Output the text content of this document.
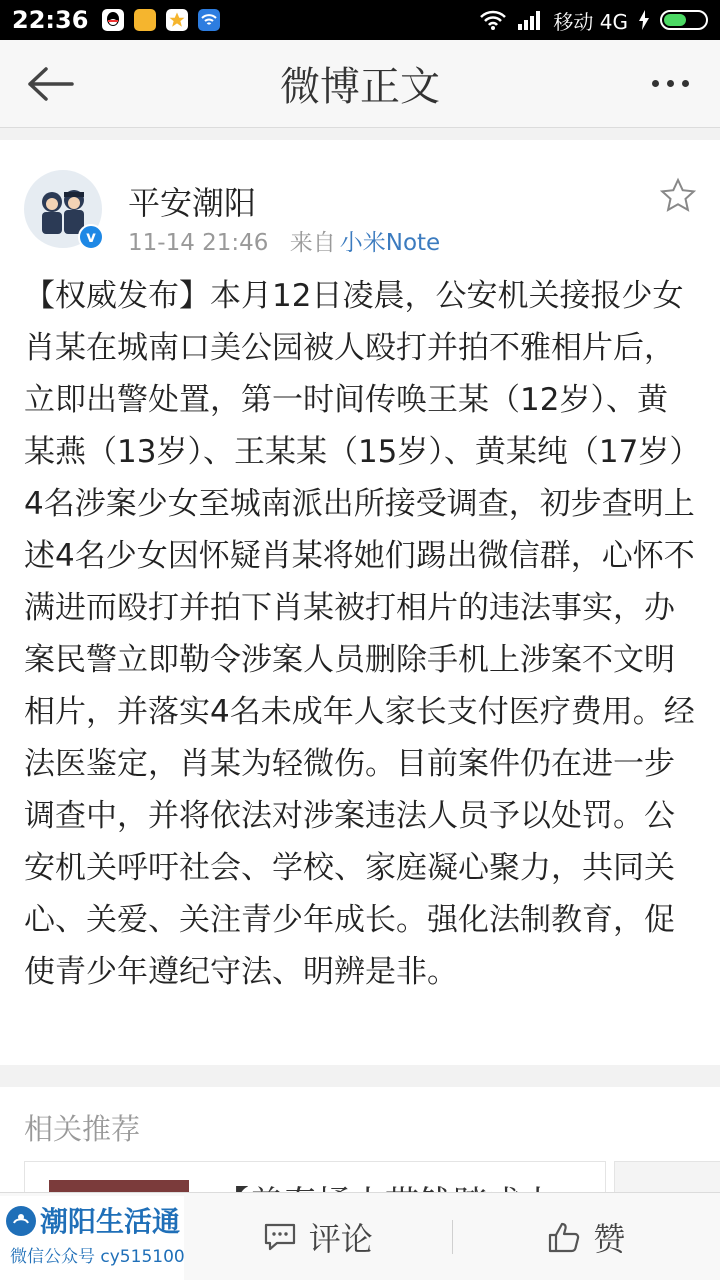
22:36	移动 4G
微博正文
v
平安潮阳
11-14 21:46 来自 小米Note
【权威发布】本月12日凌晨，公安机关接报少女肖某在城南口美公园被人殴打并拍不雅相片后，立即出警处置，第一时间传唤王某（12岁）、黄某燕（13岁）、王某某（15岁）、黄某纯（17岁）4名涉案少女至城南派出所接受调查，初步查明上述4名少女因怀疑肖某将她们踢出微信群，心怀不满进而殴打并拍下肖某被打相片的违法事实，办案民警立即勒令涉案人员删除手机上涉案不文明相片，并落实4名未成年人家长支付医疗费用。经法医鉴定，肖某为轻微伤。目前案件仍在进一步调查中，并将依法对涉案违法人员予以处罚。公安机关呼吁社会、学校、家庭凝心聚力，共同关心、关爱、关注青少年成长。强化法制教育，促使青少年遵纪守法、明辨是非。
相关推荐
评论	赞
潮阳生活通
微信公众号 cy515100
